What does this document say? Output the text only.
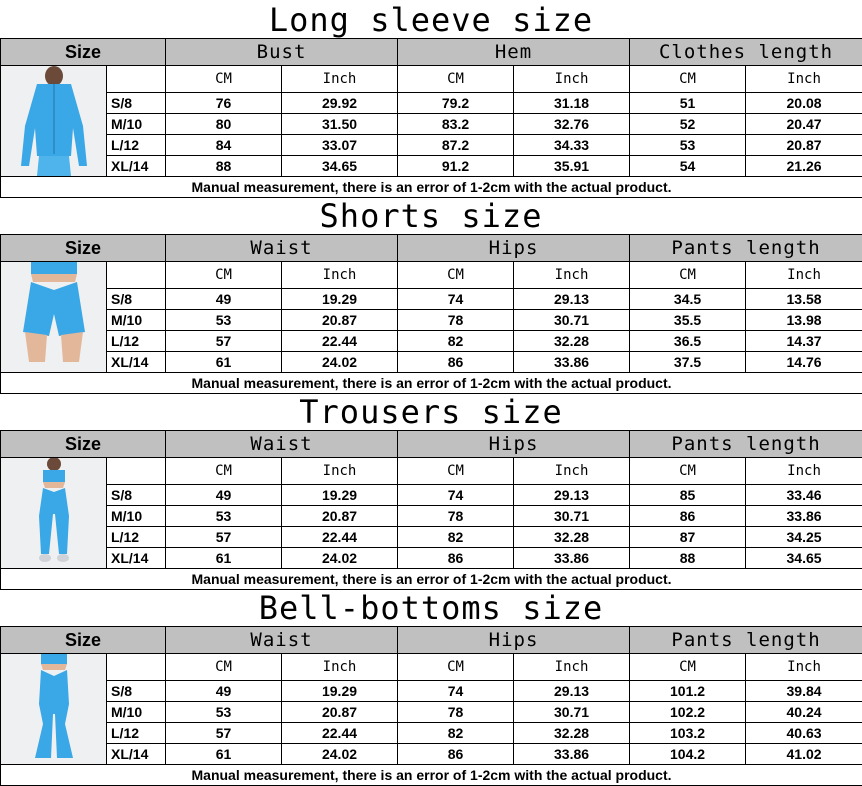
Long sleeve size
Size		Bust		Hem		Clothes length	

		CM	Inch	CM	Inch	CM	Inch
	S/8	76	29.92	79.2	31.18	51	20.08
	M/10	80	31.50	83.2	32.76	52	20.47
	L/12	84	33.07	87.2	34.33	53	20.87
	XL/14	88	34.65	91.2	35.91	54	21.26
Manual measurement, there is an error of 1-2cm with the actual product.							
Shorts size
Size		Waist		Hips		Pants length	

		CM	Inch	CM	Inch	CM	Inch
	S/8	49	19.29	74	29.13	34.5	13.58
	M/10	53	20.87	78	30.71	35.5	13.98
	L/12	57	22.44	82	32.28	36.5	14.37
	XL/14	61	24.02	86	33.86	37.5	14.76
Manual measurement, there is an error of 1-2cm with the actual product.							
Trousers size
Size		Waist		Hips		Pants length	

		CM	Inch	CM	Inch	CM	Inch
	S/8	49	19.29	74	29.13	85	33.46
	M/10	53	20.87	78	30.71	86	33.86
	L/12	57	22.44	82	32.28	87	34.25
	XL/14	61	24.02	86	33.86	88	34.65
Manual measurement, there is an error of 1-2cm with the actual product.							
Bell-bottoms size
Size		Waist		Hips		Pants length	

		CM	Inch	CM	Inch	CM	Inch
	S/8	49	19.29	74	29.13	101.2	39.84
	M/10	53	20.87	78	30.71	102.2	40.24
	L/12	57	22.44	82	32.28	103.2	40.63
	XL/14	61	24.02	86	33.86	104.2	41.02
Manual measurement, there is an error of 1-2cm with the actual product.							
